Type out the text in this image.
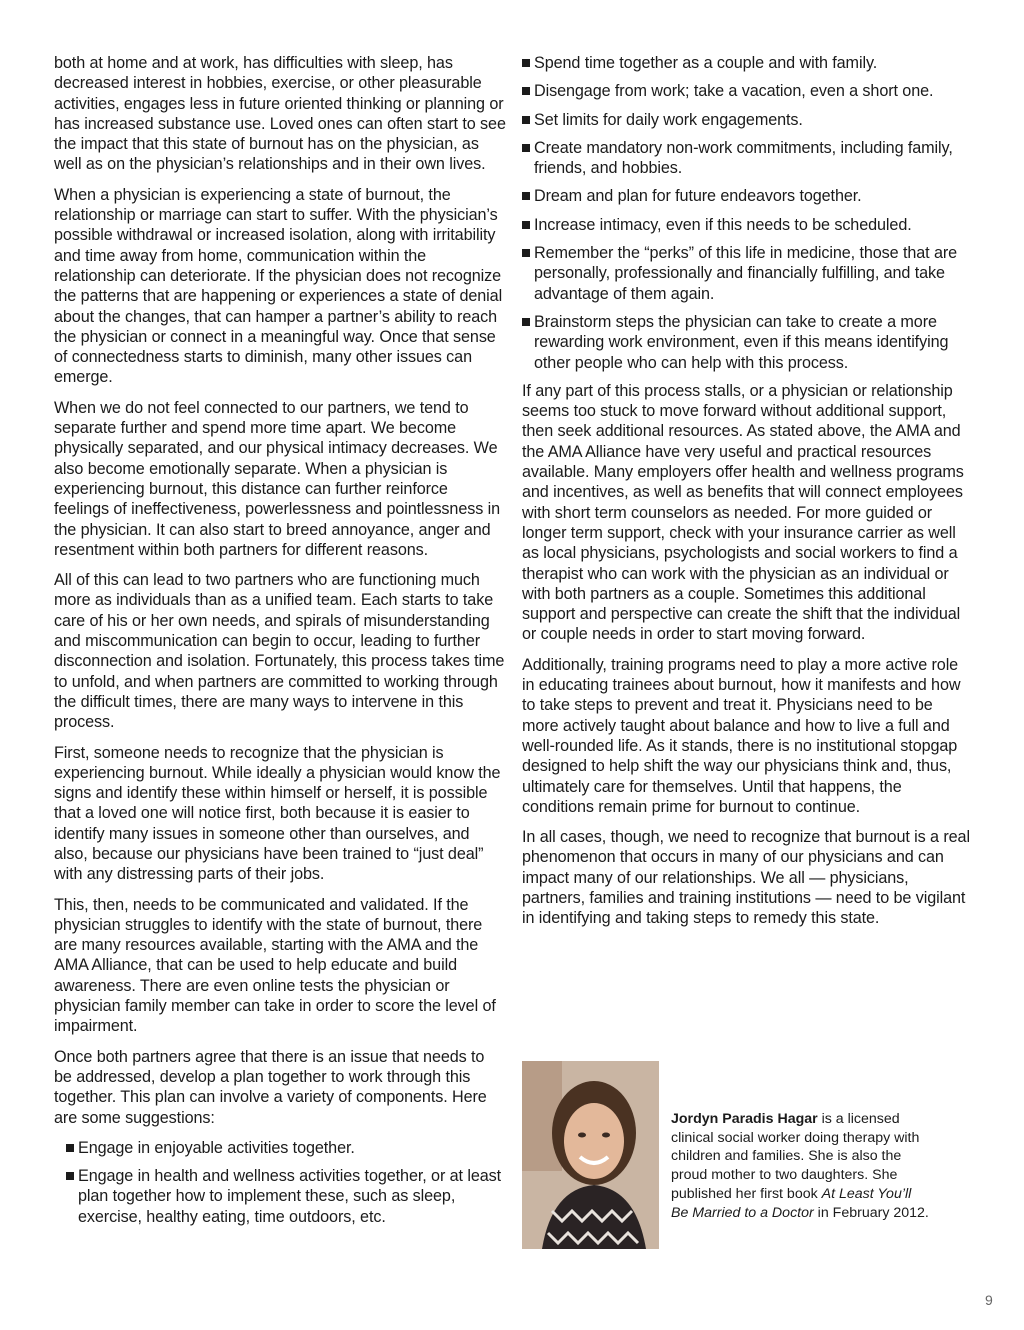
both at home and at work, has difficulties with sleep, has decreased interest in hobbies, exercise, or other pleasurable activities, engages less in future oriented thinking or planning or has increased substance use. Loved ones can often start to see the impact that this state of burnout has on the physician, as well as on the physician’s relationships and in their own lives.

When a physician is experiencing a state of burnout, the relationship or marriage can start to suffer. With the physician’s possible withdrawal or increased isolation, along with irritability and time away from home, communication within the relationship can deteriorate. If the physician does not recognize the patterns that are happening or experiences a state of denial about the changes, that can hamper a partner’s ability to reach the physician or connect in a meaningful way. Once that sense of connectedness starts to diminish, many other issues can emerge.

When we do not feel connected to our partners, we tend to separate further and spend more time apart. We become physically separated, and our physical intimacy decreases. We also become emotionally separate. When a physician is experiencing burnout, this distance can further reinforce feelings of ineffectiveness, powerlessness and pointlessness in the physician. It can also start to breed annoyance, anger and resentment within both partners for different reasons.

All of this can lead to two partners who are functioning much more as individuals than as a unified team. Each starts to take care of his or her own needs, and spirals of misunderstanding and miscommunication can begin to occur, leading to further disconnection and isolation. Fortunately, this process takes time to unfold, and when partners are committed to working through the difficult times, there are many ways to intervene in this process.

First, someone needs to recognize that the physician is experiencing burnout. While ideally a physician would know the signs and identify these within himself or herself, it is possible that a loved one will notice first, both because it is easier to identify many issues in someone other than ourselves, and also, because our physicians have been trained to “just deal” with any distressing parts of their jobs.

This, then, needs to be communicated and validated. If the physician struggles to identify with the state of burnout, there are many resources available, starting with the AMA and the AMA Alliance, that can be used to help educate and build awareness. There are even online tests the physician or physician family member can take in order to score the level of impairment.

Once both partners agree that there is an issue that needs to be addressed, develop a plan together to work through this together. This plan can involve a variety of components. Here are some suggestions:

Engage in enjoyable activities together.
Engage in health and wellness activities together, or at least plan together how to implement these, such as sleep, exercise, healthy eating, time outdoors, etc.
Spend time together as a couple and with family.
Disengage from work; take a vacation, even a short one.
Set limits for daily work engagements.
Create mandatory non-work commitments, including family, friends, and hobbies.
Dream and plan for future endeavors together.
Increase intimacy, even if this needs to be scheduled.
Remember the “perks” of this life in medicine, those that are personally, professionally and financially fulfilling, and take advantage of them again.
Brainstorm steps the physician can take to create a more rewarding work environment, even if this means identifying other people who can help with this process.

If any part of this process stalls, or a physician or relationship seems too stuck to move forward without additional support, then seek additional resources. As stated above, the AMA and the AMA Alliance have very useful and practical resources available. Many employers offer health and wellness programs and incentives, as well as benefits that will connect employees with short term counselors as needed. For more guided or longer term support, check with your insurance carrier as well as local physicians, psychologists and social workers to find a therapist who can work with the physician as an individual or with both partners as a couple. Sometimes this additional support and perspective can create the shift that the individual or couple needs in order to start moving forward.

Additionally, training programs need to play a more active role in educating trainees about burnout, how it manifests and how to take steps to prevent and treat it. Physicians need to be more actively taught about balance and how to live a full and well-rounded life. As it stands, there is no institutional stopgap designed to help shift the way our physicians think and, thus, ultimately care for themselves. Until that happens, the conditions remain prime for burnout to continue.

In all cases, though, we need to recognize that burnout is a real phenomenon that occurs in many of our physicians and can impact many of our relationships. We all — physicians, partners, families and training institutions — need to be vigilant in identifying and taking steps to remedy this state.

Jordyn Paradis Hagar is a licensed clinical social worker doing therapy with children and families. She is also the proud mother to two daughters. She published her first book At Least You’ll Be Married to a Doctor in February 2012.
9
